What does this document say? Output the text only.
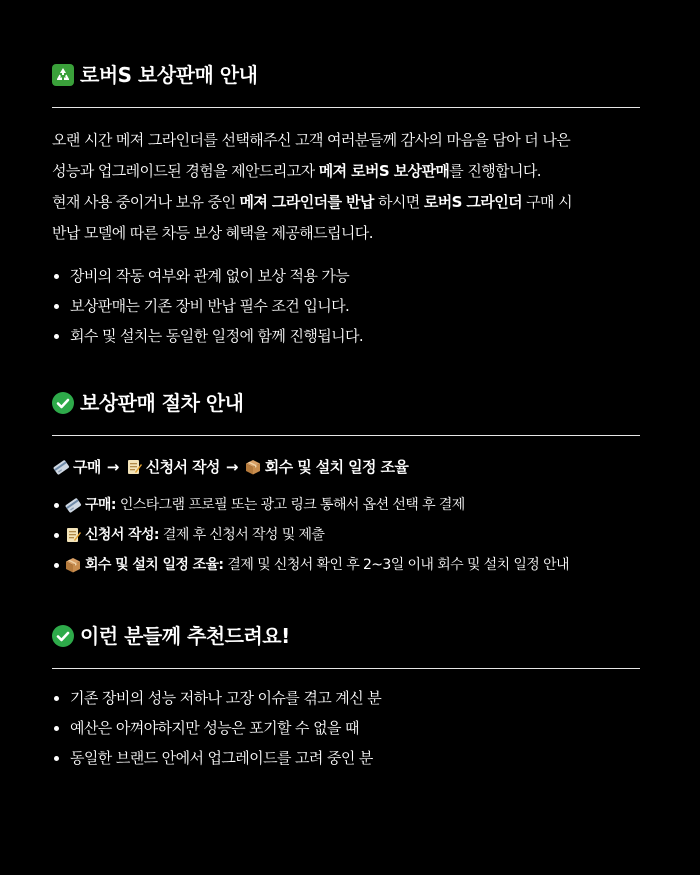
로버S 보상판매 안내
오랜 시간 메져 그라인더를 선택해주신 고객 여러분들께 감사의 마음을 담아 더 나은
성능과 업그레이드된 경험을 제안드리고자 메져 로버S 보상판매를 진행합니다.
현재 사용 중이거나 보유 중인 메져 그라인더를 반납 하시면 로버S 그라인더 구매 시
반납 모델에 따른 차등 보상 혜택을 제공해드립니다.
장비의 작동 여부와 관계 없이 보상 적용 가능
보상판매는 기존 장비 반납 필수 조건 입니다.
회수 및 설치는 동일한 일정에 함께 진행됩니다.
보상판매 절차 안내
구매 → 신청서 작성 → 회수 및 설치 일정 조율
구매: 인스타그램 프로필 또는 광고 링크 통해서 옵션 선택 후 결제
신청서 작성: 결제 후 신청서 작성 및 제출
회수 및 설치 일정 조율: 결제 및 신청서 확인 후 2~3일 이내 회수 및 설치 일정 안내
이런 분들께 추천드려요!
기존 장비의 성능 저하나 고장 이슈를 겪고 계신 분
예산은 아껴야하지만 성능은 포기할 수 없을 때
동일한 브랜드 안에서 업그레이드를 고려 중인 분
